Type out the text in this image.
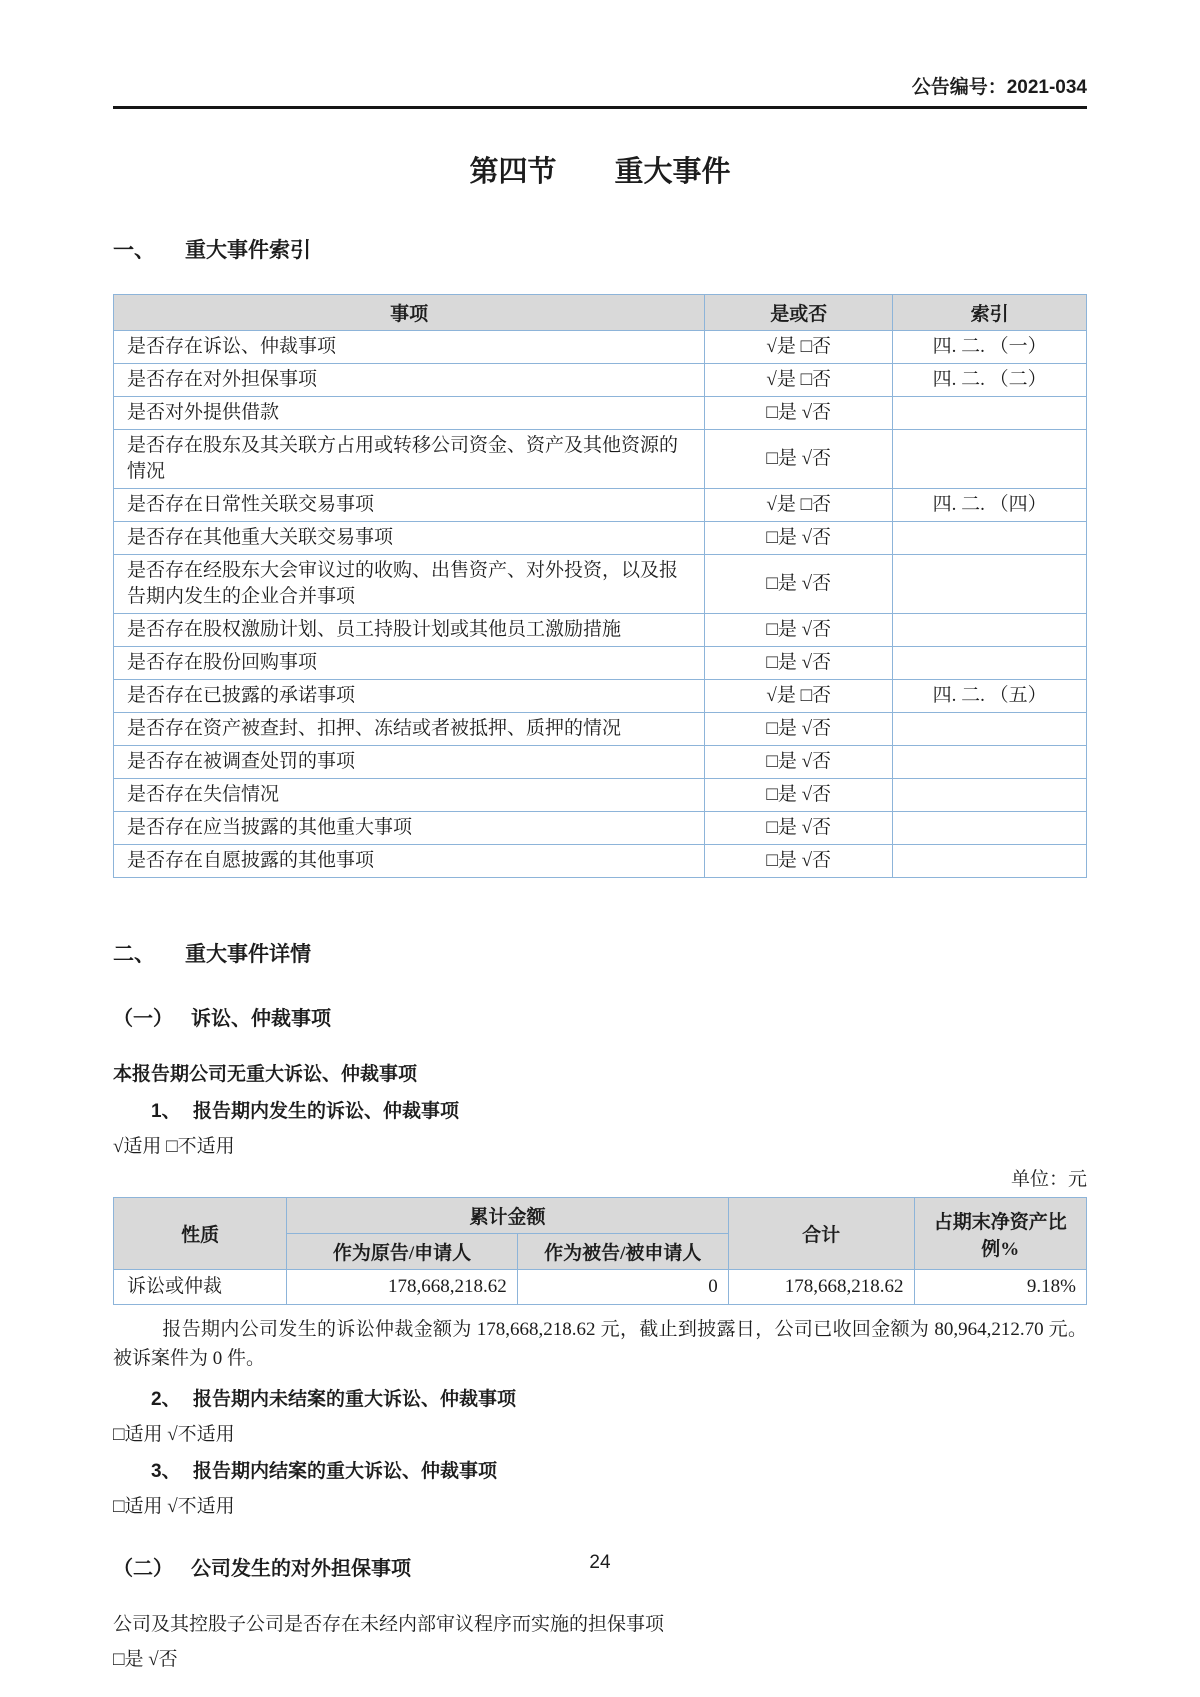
公告编号：2021-034
第四节　　重大事件
一、 重大事件索引
事项	是或否	索引
是否存在诉讼、仲裁事项	√是 □否	四. 二. （一）
是否存在对外担保事项	√是 □否	四. 二. （二）
是否对外提供借款	□是 √否	
是否存在股东及其关联方占用或转移公司资金、资产及其他资源的情况	□是 √否	
是否存在日常性关联交易事项	√是 □否	四. 二. （四）
是否存在其他重大关联交易事项	□是 √否	
是否存在经股东大会审议过的收购、出售资产、对外投资，以及报告期内发生的企业合并事项	□是 √否	
是否存在股权激励计划、员工持股计划或其他员工激励措施	□是 √否	
是否存在股份回购事项	□是 √否	
是否存在已披露的承诺事项	√是 □否	四. 二. （五）
是否存在资产被查封、扣押、冻结或者被抵押、质押的情况	□是 √否	
是否存在被调查处罚的事项	□是 √否	
是否存在失信情况	□是 √否	
是否存在应当披露的其他重大事项	□是 √否	
是否存在自愿披露的其他事项	□是 √否	
二、 重大事件详情
（一） 诉讼、仲裁事项
本报告期公司无重大诉讼、仲裁事项
1、 报告期内发生的诉讼、仲裁事项
√适用 □不适用
单位：元
性质	累计金额		合计	占期末净资产比例%
	作为原告/申请人	作为被告/被申请人		
诉讼或仲裁	178,668,218.62	0	178,668,218.62	9.18%
报告期内公司发生的诉讼仲裁金额为 178,668,218.62 元，截止到披露日，公司已收回金额为 80,964,212.70 元。被诉案件为 0 件。
2、 报告期内未结案的重大诉讼、仲裁事项
□适用 √不适用
3、 报告期内结案的重大诉讼、仲裁事项
□适用 √不适用
（二） 公司发生的对外担保事项
公司及其控股子公司是否存在未经内部审议程序而实施的担保事项
□是 √否
24
